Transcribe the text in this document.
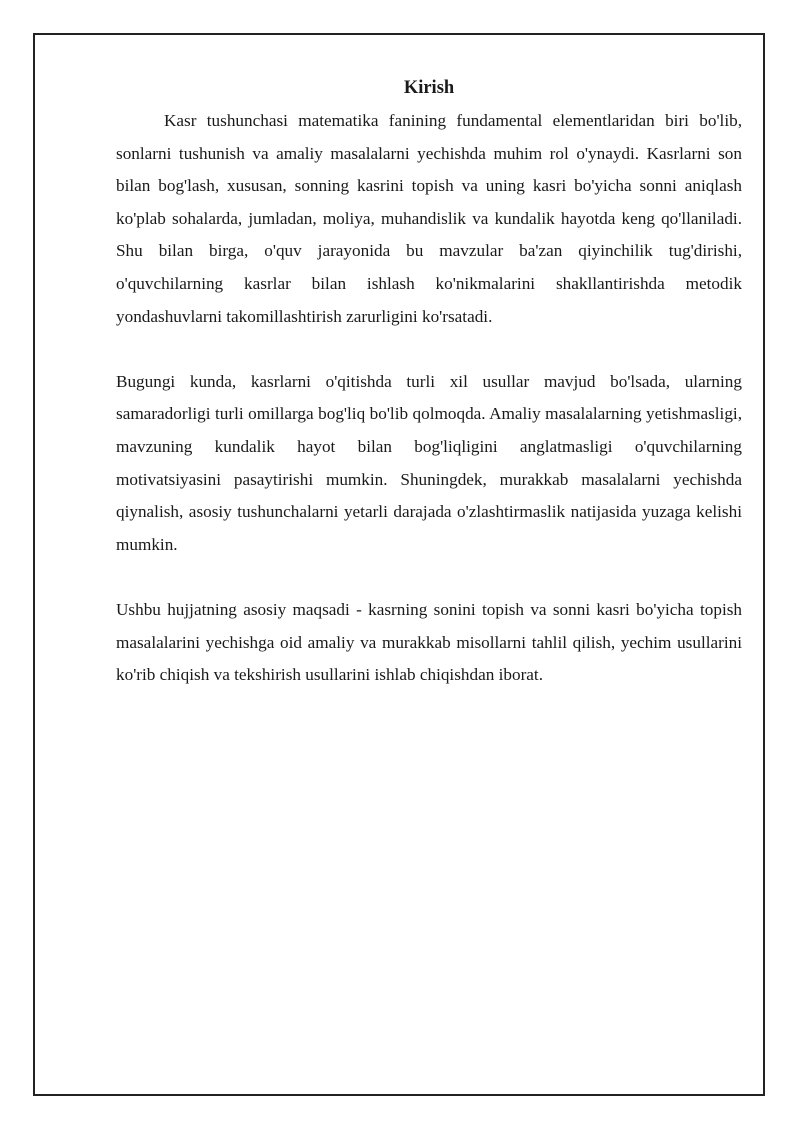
Kirish

Kasr tushunchasi matematika fanining fundamental elementlaridan biri bo'lib, sonlarni tushunish va amaliy masalalarni yechishda muhim rol o'ynaydi. Kasrlarni son bilan bog'lash, xususan, sonning kasrini topish va uning kasri bo'yicha sonni aniqlash ko'plab sohalarda, jumladan, moliya, muhandislik va kundalik hayotda keng qo'llaniladi. Shu bilan birga, o'quv jarayonida bu mavzular ba'zan qiyinchilik tug'dirishi, o'quvchilarning kasrlar bilan ishlash ko'nikmalarini shakllantirishda metodik yondashuvlarni takomillashtirish zarurligini ko'rsatadi.

Bugungi kunda, kasrlarni o'qitishda turli xil usullar mavjud bo'lsada, ularning samaradorligi turli omillarga bog'liq bo'lib qolmoqda. Amaliy masalalarning yetishmasligi, mavzuning kundalik hayot bilan bog'liqligini anglatmasligi o'quvchilarning motivatsiyasini pasaytirishi mumkin. Shuningdek, murakkab masalalarni yechishda qiynalish, asosiy tushunchalarni yetarli darajada o'zlashtirmaslik natijasida yuzaga kelishi mumkin.

Ushbu hujjatning asosiy maqsadi - kasrning sonini topish va sonni kasri bo'yicha topish masalalarini yechishga oid amaliy va murakkab misollarni tahlil qilish, yechim usullarini ko'rib chiqish va tekshirish usullarini ishlab chiqishdan iborat.
